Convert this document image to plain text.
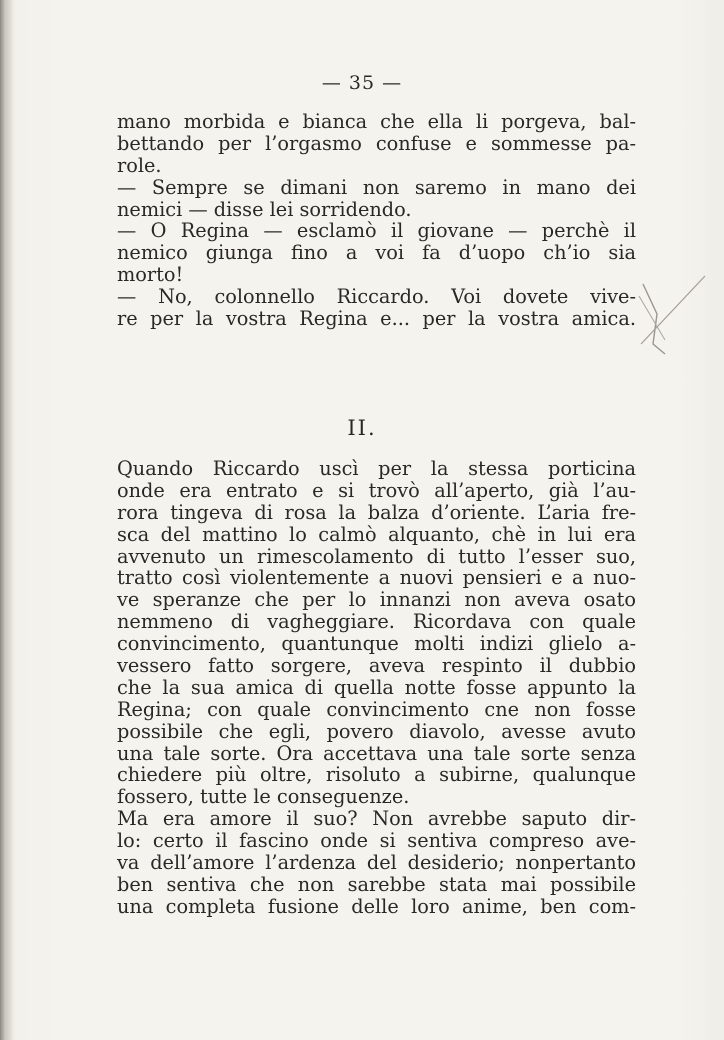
— 35 —
mano morbida e bianca che ella li porgeva, bal-
bettando per l’orgasmo confuse e sommesse pa-
role.
— Sempre se dimani non saremo in mano dei
nemici — disse lei sorridendo.
— O Regina — esclamò il giovane — perchè il
nemico giunga fino a voi fa d’uopo ch’io sia
morto!
— No, colonnello Riccardo. Voi dovete vive-
re per la vostra Regina e... per la vostra amica.
II.
Quando Riccardo uscì per la stessa porticina
onde era entrato e si trovò all’aperto, già l’au-
rora tingeva di rosa la balza d’oriente. L’aria fre-
sca del mattino lo calmò alquanto, chè in lui era
avvenuto un rimescolamento di tutto l’esser suo,
tratto così violentemente a nuovi pensieri e a nuo-
ve speranze che per lo innanzi non aveva osato
nemmeno di vagheggiare. Ricordava con quale
convincimento, quantunque molti indizi glielo a-
vessero fatto sorgere, aveva respinto il dubbio
che la sua amica di quella notte fosse appunto la
Regina; con quale convincimento cne non fosse
possibile che egli, povero diavolo, avesse avuto
una tale sorte. Ora accettava una tale sorte senza
chiedere più oltre, risoluto a subirne, qualunque
fossero, tutte le conseguenze.
Ma era amore il suo? Non avrebbe saputo dir-
lo: certo il fascino onde si sentiva compreso ave-
va dell’amore l’ardenza del desiderio; nonpertanto
ben sentiva che non sarebbe stata mai possibile
una completa fusione delle loro anime, ben com-
